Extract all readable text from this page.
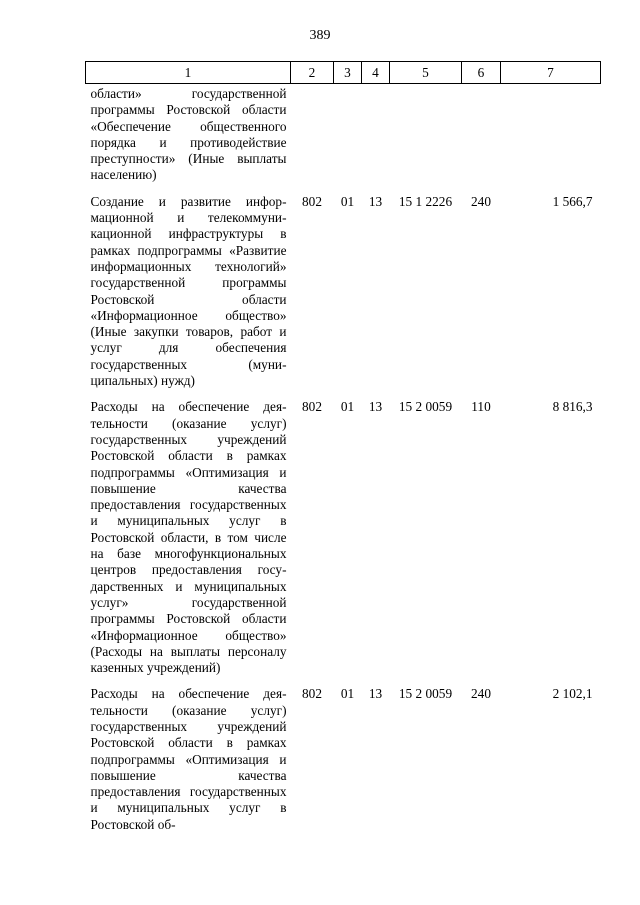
389
1	2	3	4	5	6	7
области» государственной программы Ростовской области «Обеспечение общественного порядка и противодействие преступности» (Иные выплаты населению)						
Создание и развитие информационной и телекоммуникационной инфраструктуры в рамках подпрограммы «Развитие информационных технологий» государственной программы Ростовской области «Информационное общество» (Иные закупки товаров, работ и услуг для обеспечения государственных (муниципальных) нужд)	802	01	13	15 1 2226	240	1 566,7
Расходы на обеспечение деятельности (оказание услуг) государственных учреждений Ростовской области в рамках подпрограммы «Оптимизация и повышение качества предоставления государственных и муниципальных услуг в Ростовской области, в том числе на базе многофункциональных центров предоставления государственных и муниципальных услуг» государственной программы Ростовской области «Информационное общество» (Расходы на выплаты персоналу казенных учреждений)	802	01	13	15 2 0059	110	8 816,3
Расходы на обеспечение деятельности (оказание услуг) государственных учреждений Ростовской области в рамках подпрограммы «Оптимизация и повышение качества предоставления государственных и муниципальных услуг в Ростовской об-	802	01	13	15 2 0059	240	2 102,1
